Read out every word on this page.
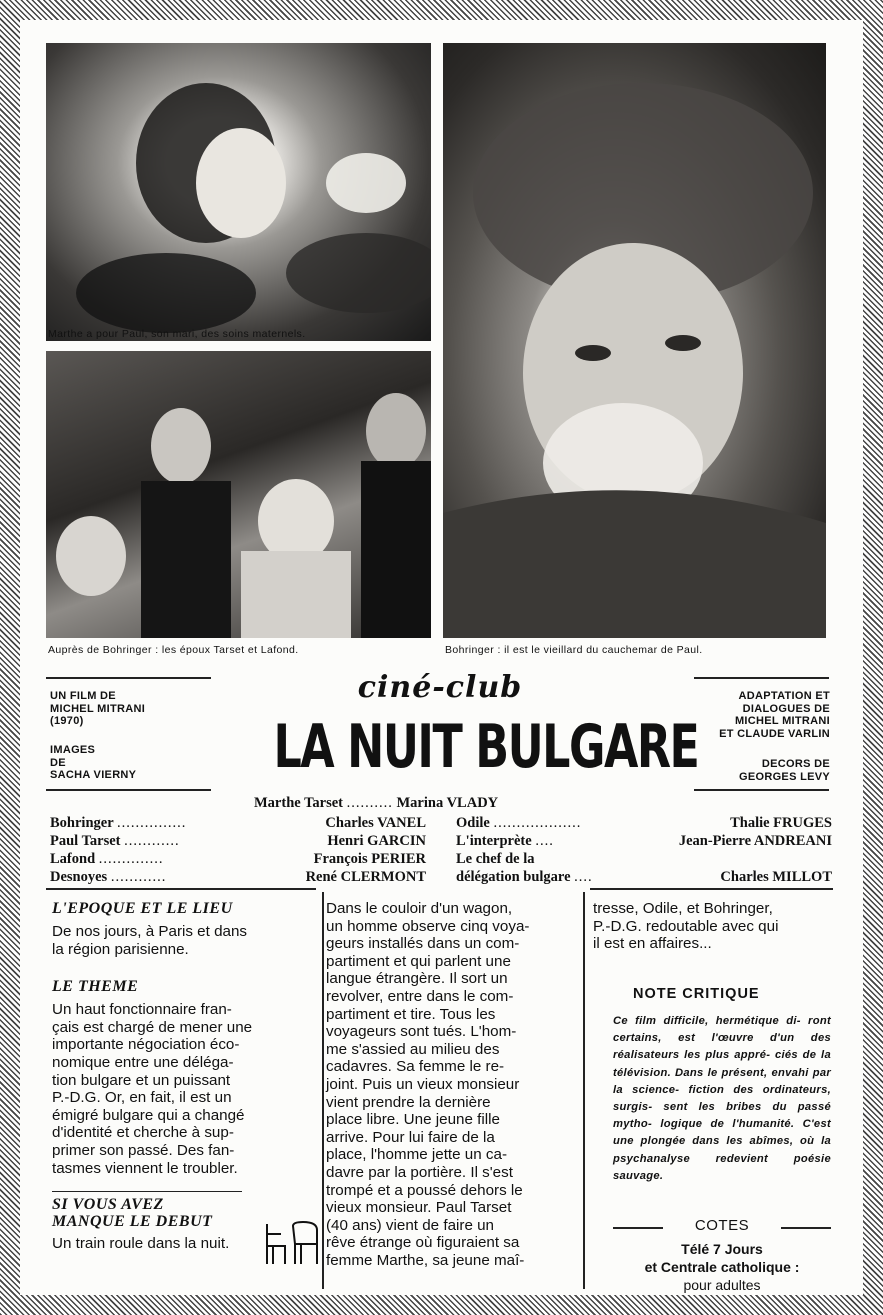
Marthe a pour Paul, son mari, des soins maternels.
Auprès de Bohringer : les époux Tarset et Lafond.	Bohringer : il est le vieillard du cauchemar de Paul.
UN FILM DE
MICHEL MITRANI
(1970)
IMAGES
DE
SACHA VIERNY
ADAPTATION ET
DIALOGUES DE
MICHEL MITRANI
ET CLAUDE VARLIN
DECORS DE
GEORGES LEVY
ciné-club
LA NUIT BULGARE
Marthe Tarset .......... Marina VLADY
Bohringer ...............	Charles VANEL
Paul Tarset ............	Henri GARCIN
Lafond ..............	François PERIER
Desnoyes ............	René CLERMONT
Odile ...................	Thalie FRUGES
L'interprète ....	Jean-Pierre ANDREANI
Le chef de la
délégation bulgare ....	Charles MILLOT
L'EPOQUE ET LE LIEU
De nos jours, à Paris et dans
la région parisienne.
LE THEME
Un haut fonctionnaire fran-
çais est chargé de mener une
importante négociation éco-
nomique entre une déléga-
tion bulgare et un puissant
P.-D.G. Or, en fait, il est un
émigré bulgare qui a changé
d'identité et cherche à sup-
primer son passé. Des fan-
tasmes viennent le troubler.
SI VOUS AVEZ
MANQUE LE DEBUT
Un train roule dans la nuit.
Dans le couloir d'un wagon,
un homme observe cinq voya-
geurs installés dans un com-
partiment et qui parlent une
langue étrangère. Il sort un
revolver, entre dans le com-
partiment et tire. Tous les
voyageurs sont tués. L'hom-
me s'assied au milieu des
cadavres. Sa femme le re-
joint. Puis un vieux monsieur
vient prendre la dernière
place libre. Une jeune fille
arrive. Pour lui faire de la
place, l'homme jette un ca-
davre par la portière. Il s'est
trompé et a poussé dehors le
vieux monsieur. Paul Tarset
(40 ans) vient de faire un
rêve étrange où figuraient sa
femme Marthe, sa jeune maî-
tresse, Odile, et Bohringer,
P.-D.G. redoutable avec qui
il est en affaires...
NOTE CRITIQUE
Ce film difficile, hermétique di- ront certains, est l'œuvre d'un des réalisateurs les plus appré- ciés de la télévision. Dans le présent, envahi par la science- fiction des ordinateurs, surgis- sent les bribes du passé mytho- logique de l'humanité. C'est une plongée dans les abîmes, où la psychanalyse redevient poésie sauvage.
COTES
Télé 7 Jours
et Centrale catholique :
pour adultes
